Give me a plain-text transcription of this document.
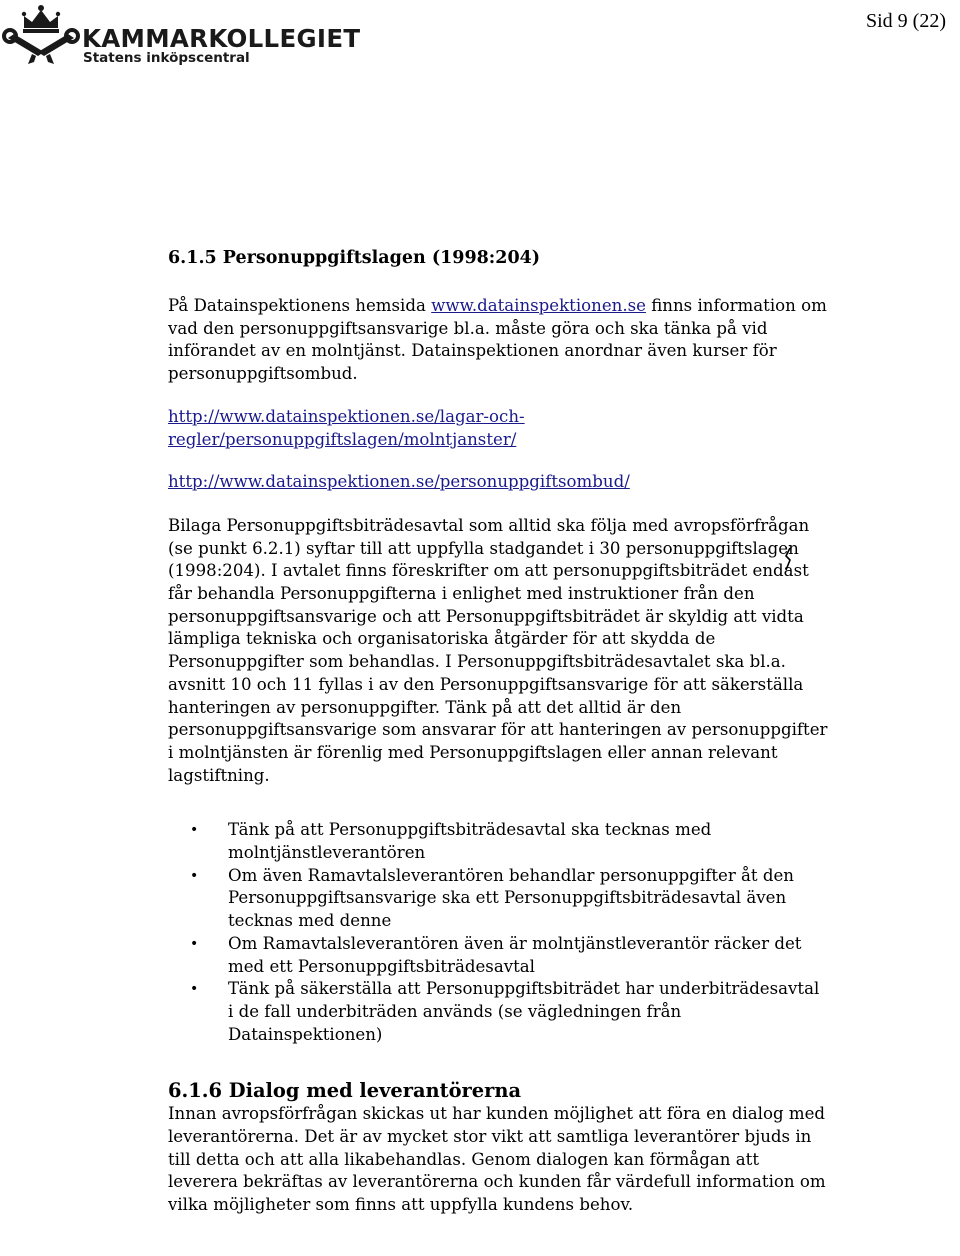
KAMMARKOLLEGIET
Statens inköpscentral
Sid 9 (22)
6.1.5 Personuppgiftslagen (1998:204)

På Datainspektionens hemsida www.datainspektionen.se finns information om vad den personuppgiftsansvarige bl.a. måste göra och ska tänka på vid införandet av en molntjänst. Datainspektionen anordnar även kurser för personuppgiftsombud.

http://www.datainspektionen.se/lagar-och-regler/personuppgiftslagen/molntjanster/
http://www.datainspektionen.se/personuppgiftsombud/

Bilaga Personuppgiftsbiträdesavtal som alltid ska följa med avropsförfrågan (se punkt 6.2.1) syftar till att uppfylla stadgandet i 30 personuppgiftslagen (1998:204). I avtalet finns föreskrifter om att personuppgiftsbiträdet endast får behandla Personuppgifterna i enlighet med instruktioner från den personuppgiftsansvarige och att Personuppgiftsbiträdet är skyldig att vidta lämpliga tekniska och organisatoriska åtgärder för att skydda de Personuppgifter som behandlas. I Personuppgiftsbiträdesavtalet ska bl.a. avsnitt 10 och 11 fyllas i av den Personuppgiftsansvarige för att säkerställa hanteringen av personuppgifter. Tänk på att det alltid är den personuppgiftsansvarige som ansvarar för att hanteringen av personuppgifter i molntjänsten är förenlig med Personuppgiftslagen eller annan relevant lagstiftning.

• Tänk på att Personuppgiftsbiträdesavtal ska tecknas med molntjänstleverantören
• Om även Ramavtalsleverantören behandlar personuppgifter åt den Personuppgiftsansvarige ska ett Personuppgiftsbiträdesavtal även tecknas med denne
• Om Ramavtalsleverantören även är molntjänstleverantör räcker det med ett Personuppgiftsbiträdesavtal
• Tänk på säkerställa att Personuppgiftsbiträdet har underbiträdesavtal i de fall underbiträden används (se vägledningen från Datainspektionen)
6.1.6 Dialog med leverantörerna

Innan avropsförfrågan skickas ut har kunden möjlighet att föra en dialog med leverantörerna. Det är av mycket stor vikt att samtliga leverantörer bjuds in till detta och att alla likabehandlas. Genom dialogen kan förmågan att leverera bekräftas av leverantörerna och kunden får värdefull information om vilka möjligheter som finns att uppfylla kundens behov.
